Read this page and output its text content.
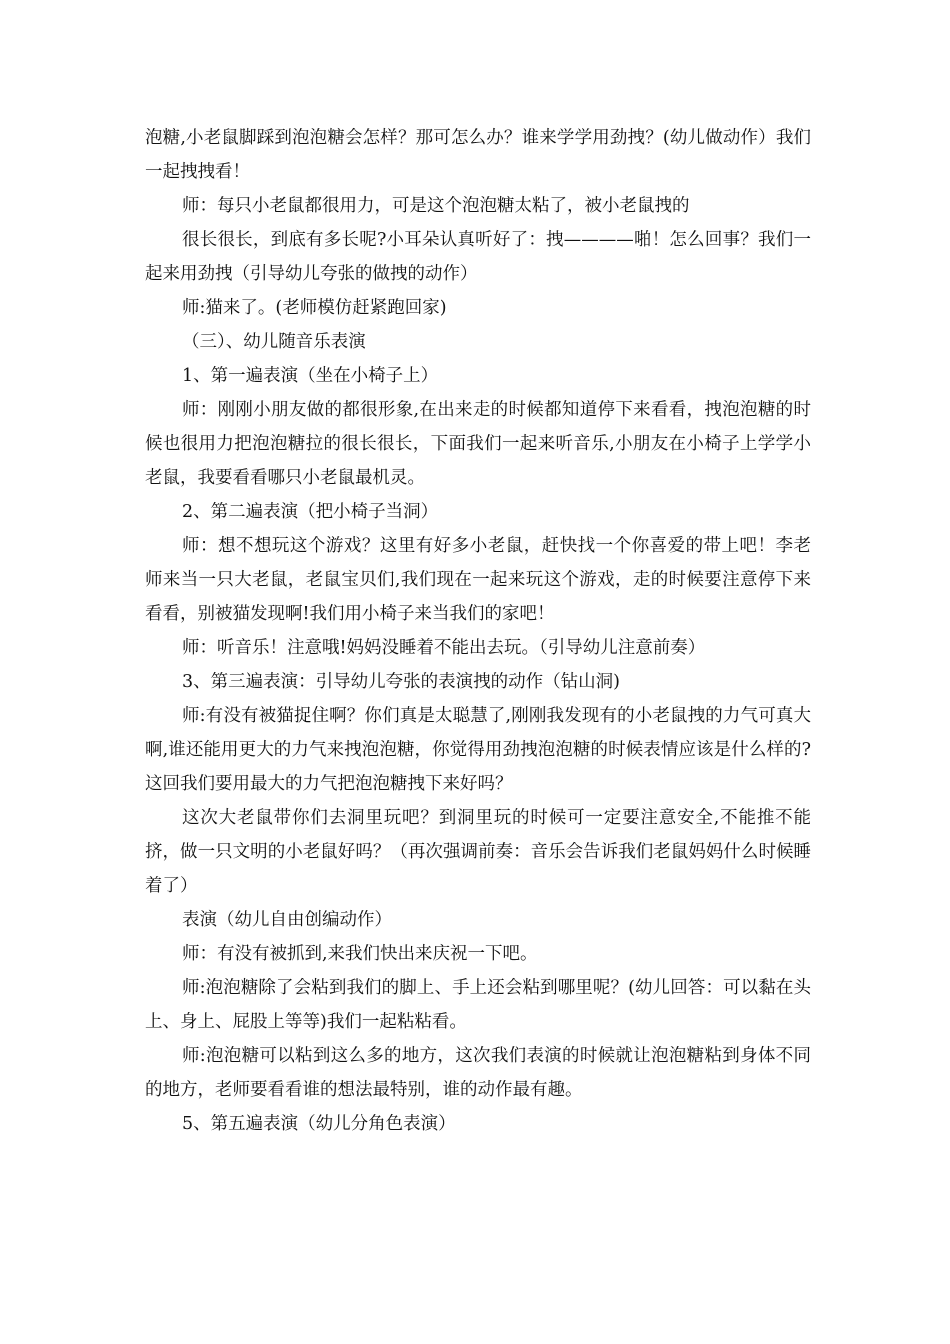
泡糖,小老鼠脚踩到泡泡糖会怎样？那可怎么办？谁来学学用劲拽？(幼儿做动作）我们一起拽拽看！

师：每只小老鼠都很用力，可是这个泡泡糖太粘了，被小老鼠拽的

很长很长，到底有多长呢?小耳朵认真听好了：拽————啪！怎么回事？我们一起来用劲拽（引导幼儿夸张的做拽的动作）

师:猫来了。(老师模仿赶紧跑回家)

（三）、幼儿随音乐表演

1、第一遍表演（坐在小椅子上）

师：刚刚小朋友做的都很形象,在出来走的时候都知道停下来看看，拽泡泡糖的时候也很用力把泡泡糖拉的很长很长，下面我们一起来听音乐,小朋友在小椅子上学学小老鼠，我要看看哪只小老鼠最机灵。

2、第二遍表演（把小椅子当洞）

师：想不想玩这个游戏？这里有好多小老鼠，赶快找一个你喜爱的带上吧！李老师来当一只大老鼠，老鼠宝贝们,我们现在一起来玩这个游戏，走的时候要注意停下来看看，别被猫发现啊!我们用小椅子来当我们的家吧！

师：听音乐！注意哦!妈妈没睡着不能出去玩。（引导幼儿注意前奏）

3、第三遍表演：引导幼儿夸张的表演拽的动作（钻山洞)

师:有没有被猫捉住啊？你们真是太聪慧了,刚刚我发现有的小老鼠拽的力气可真大啊,谁还能用更大的力气来拽泡泡糖，你觉得用劲拽泡泡糖的时候表情应该是什么样的?这回我们要用最大的力气把泡泡糖拽下来好吗？

这次大老鼠带你们去洞里玩吧？到洞里玩的时候可一定要注意安全,不能推不能挤，做一只文明的小老鼠好吗？（再次强调前奏：音乐会告诉我们老鼠妈妈什么时候睡着了）

表演（幼儿自由创编动作）

师：有没有被抓到,来我们快出来庆祝一下吧。

师:泡泡糖除了会粘到我们的脚上、手上还会粘到哪里呢？(幼儿回答：可以黏在头上、身上、屁股上等等)我们一起粘粘看。

师:泡泡糖可以粘到这么多的地方，这次我们表演的时候就让泡泡糖粘到身体不同的地方，老师要看看谁的想法最特别，谁的动作最有趣。

5、第五遍表演（幼儿分角色表演）
